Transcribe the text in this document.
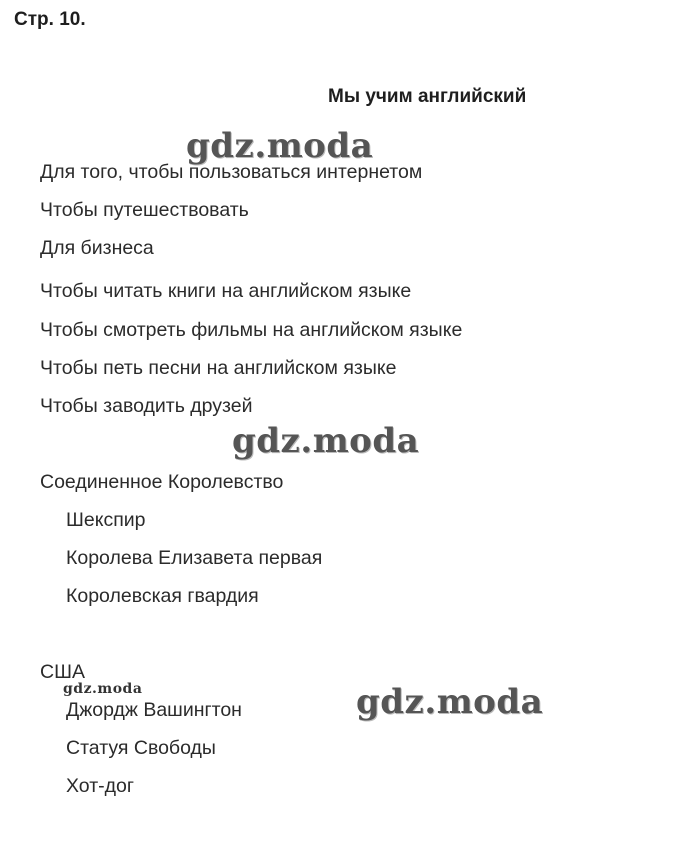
Стр. 10.

Мы учим английский
gdz.moda
gdz.moda
gdz.moda
gdz.moda

Для того, чтобы пользоваться интернетом

Чтобы путешествовать

Для бизнеса

Чтобы читать книги на английском языке

Чтобы смотреть фильмы на английском языке

Чтобы петь песни на английском языке

Чтобы заводить друзей

Соединенное Королевство

Шекспир

Королева Елизавета первая

Королевская гвардия

США

Джордж Вашингтон

Статуя Свободы

Хот-дог
